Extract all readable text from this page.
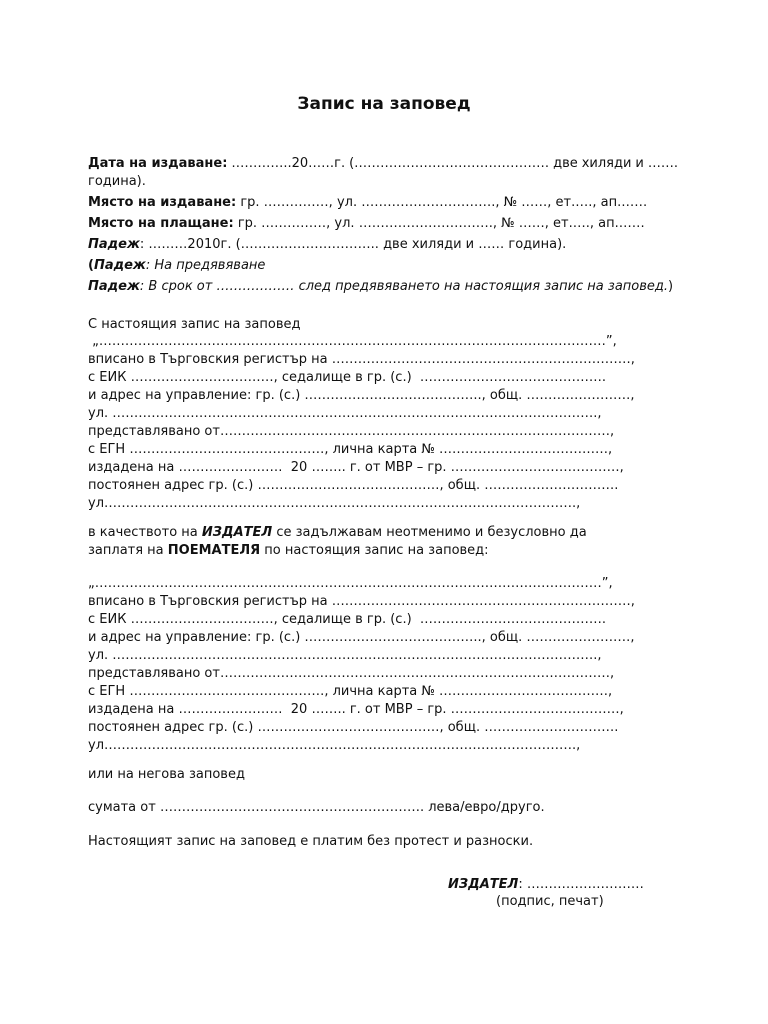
Запис на заповед
Дата на издаване: …………..20……г. (……………………………………… две хиляди и …….
година).
Място на издаване: гр. ……………, ул. …………………………., № ……, ет.…., ап.……
Място на плащане: гр. ……………, ул. …………………………., № ……, ет.…., ап.……
Падеж: ………2010г. (………………………….. две хиляди и …… година).
(Падеж: На предявяване
Падеж: В срок от ……………… след предявяването на настоящия запис на заповед.)
С настоящия запис на заповед
„………………………………………………………………………………………………………”,
вписано в Търговския регистър на ……………………………………………………………,
с ЕИК ……………………………, седалище в гр. (с.)  …………………………………….
и адрес на управление: гр. (с.) ………………………………….., общ. ……………………,
ул. ………………………………………………………………………………………………….,
представлявано от………………………………………………………………………………,
с ЕГН ………………………………………, лична карта № …………………………………,
издадена на ……………………  20 …….. г. от МВР – гр. …………………………………,
постоянен адрес гр. (с.) ……………………………………, общ. ………………………….
ул……………………………………………………………………………………………….,
в качеството на ИЗДАТЕЛ се задължавам неотменимо и безусловно да
заплатя на ПОЕМАТЕЛЯ по настоящия запис на заповед:
„………………………………………………………………………………………………………”,
вписано в Търговския регистър на ……………………………………………………………,
с ЕИК ……………………………, седалище в гр. (с.)  …………………………………….
и адрес на управление: гр. (с.) ………………………………….., общ. ……………………,
ул. ………………………………………………………………………………………………….,
представлявано от………………………………………………………………………………,
с ЕГН ………………………………………, лична карта № …………………………………,
издадена на ……………………  20 …….. г. от МВР – гр. …………………………………,
постоянен адрес гр. (с.) ……………………………………, общ. ………………………….
ул……………………………………………………………………………………………….,
или на негова заповед
сумата от ……………………………………………………. лева/евро/друго.
Настоящият запис на заповед е платим без протест и разноски.
ИЗДАТЕЛ: ………………………
(подпис, печат)
